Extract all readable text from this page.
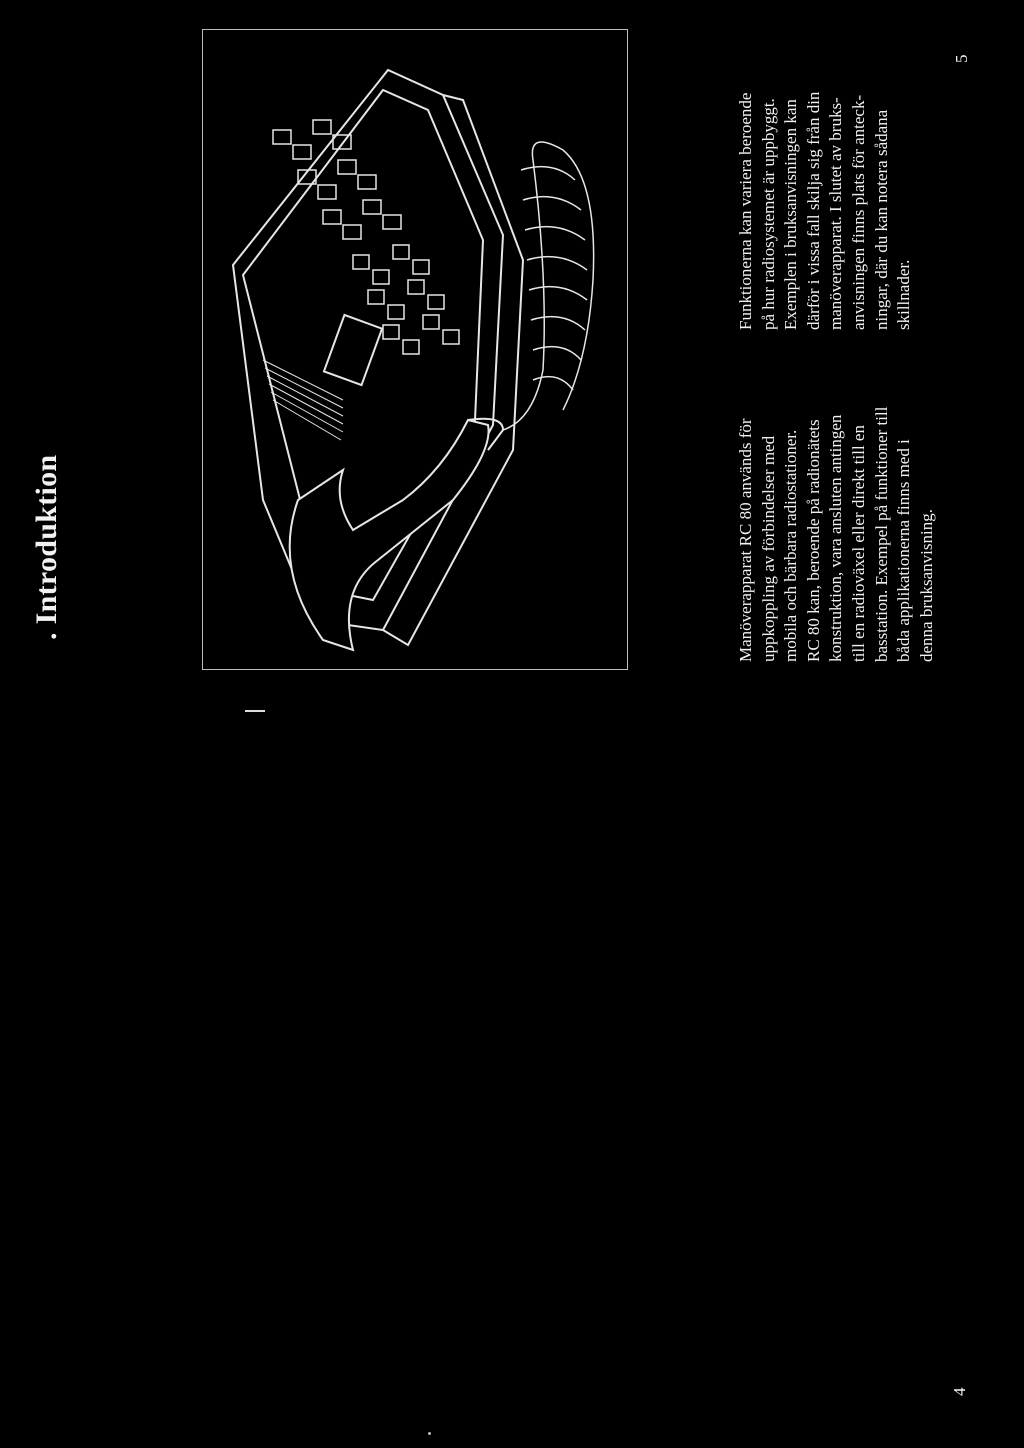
. Introduktion	Manöverapparat RC 80 används för uppkoppling av förbindelser med mobila och bärbara radiostationer. RC 80 kan, beroende på radionätets konstruktion, vara ansluten antingen till en radioväxel eller direkt till en basstation. Exempel på funktioner till båda applikationerna finns med i denna bruksanvisning.
Funktionerna kan variera beroende på hur radiosystemet är uppbyggt. Exemplen i bruksanvisningen kan därför i vissa fall skilja sig från din manöverapparat. I slutet av bruks- anvisningen finns plats för anteck- ningar, där du kan notera sådana skillnader.
4
5
